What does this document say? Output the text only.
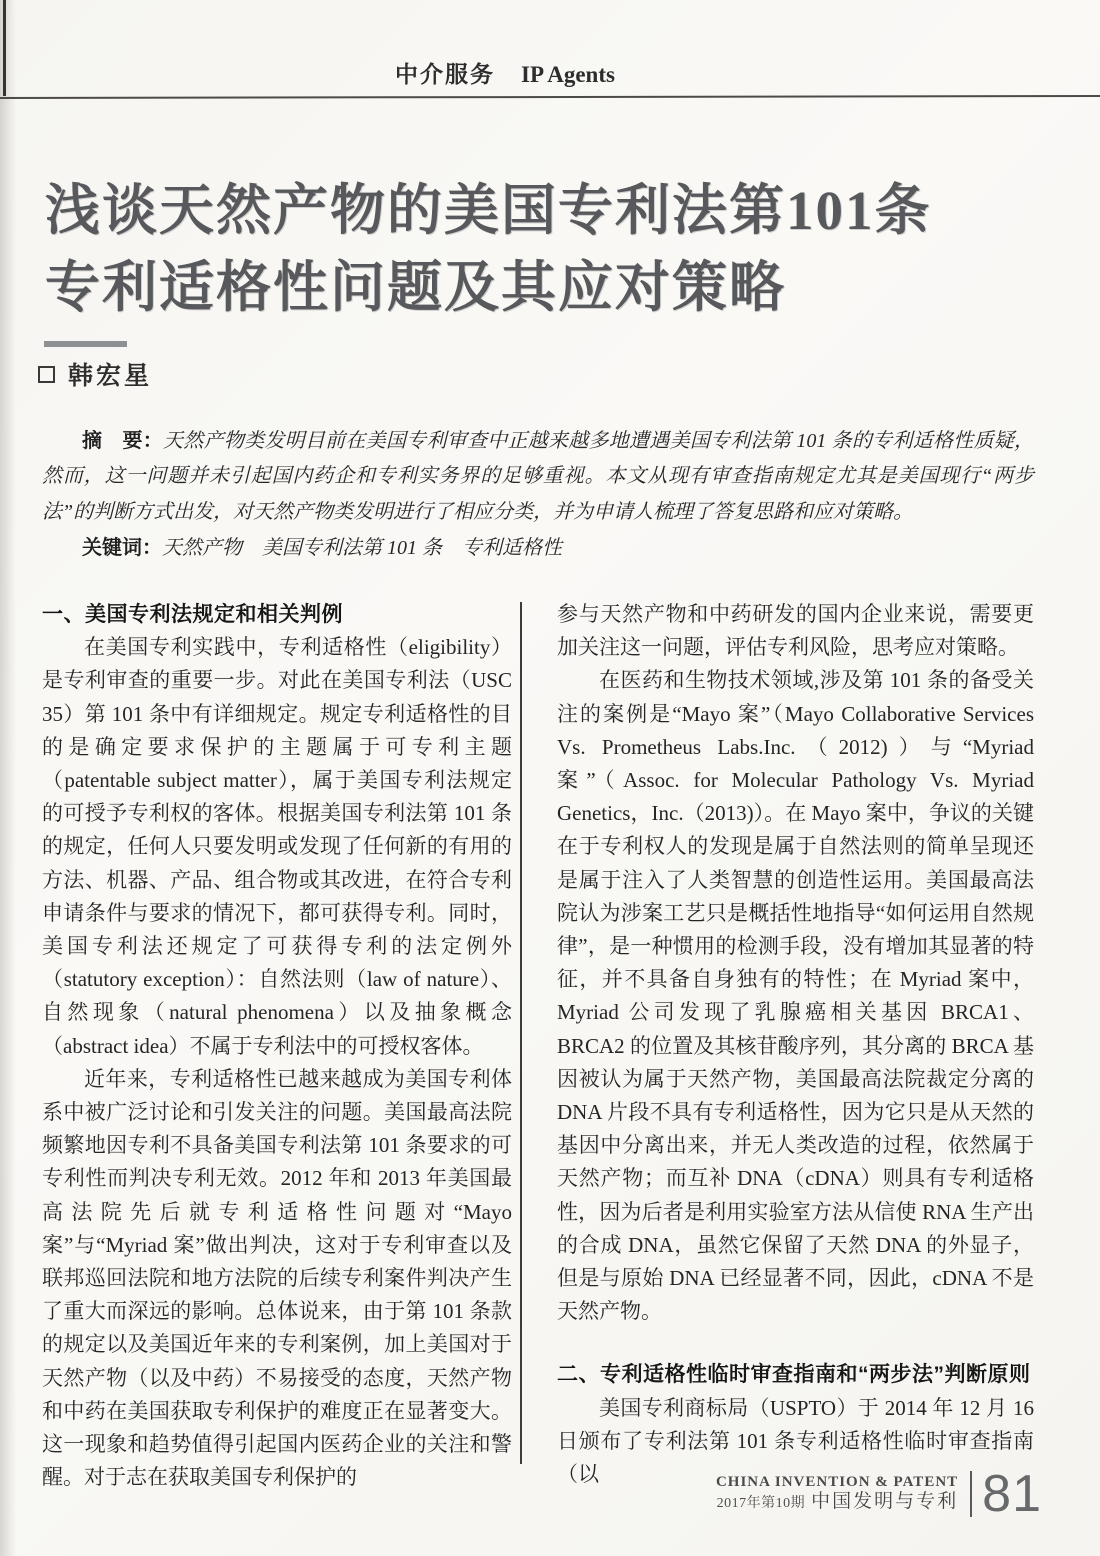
中介服务 IP Agents
浅谈天然产物的美国专利法第101条
专利适格性问题及其应对策略
韩宏星

摘　要：天然产物类发明目前在美国专利审查中正越来越多地遭遇美国专利法第 101 条的专利适格性质疑，然而，这一问题并未引起国内药企和专利实务界的足够重视。本文从现有审查指南规定尤其是美国现行“两步法”的判断方式出发，对天然产物类发明进行了相应分类，并为申请人梳理了答复思路和应对策略。

关键词：天然产物　美国专利法第 101 条　专利适格性
一、美国专利法规定和相关判例

在美国专利实践中，专利适格性（eligibility）是专利审查的重要一步。对此在美国专利法（USC 35）第 101 条中有详细规定。规定专利适格性的目的是确定要求保护的主题属于可专利主题（patentable subject matter），属于美国专利法规定的可授予专利权的客体。根据美国专利法第 101 条的规定，任何人只要发明或发现了任何新的有用的方法、机器、产品、组合物或其改进，在符合专利申请条件与要求的情况下，都可获得专利。同时，美国专利法还规定了可获得专利的法定例外（statutory exception）：自然法则（law of nature）、自然现象（natural phenomena）以及抽象概念（abstract idea）不属于专利法中的可授权客体。

近年来，专利适格性已越来越成为美国专利体系中被广泛讨论和引发关注的问题。美国最高法院频繁地因专利不具备美国专利法第 101 条要求的可专利性而判决专利无效。2012 年和 2013 年美国最高法院先后就专利适格性问题对“Mayo 案”与“Myriad 案”做出判决，这对于专利审查以及联邦巡回法院和地方法院的后续专利案件判决产生了重大而深远的影响。总体说来，由于第 101 条款的规定以及美国近年来的专利案例，加上美国对于天然产物（以及中药）不易接受的态度，天然产物和中药在美国获取专利保护的难度正在显著变大。这一现象和趋势值得引起国内医药企业的关注和警醒。对于志在获取美国专利保护的

参与天然产物和中药研发的国内企业来说，需要更加关注这一问题，评估专利风险，思考应对策略。

在医药和生物技术领域,涉及第 101 条的备受关注的案例是“Mayo 案”（Mayo Collaborative Services Vs. Prometheus Labs.Inc.（2012)）与“Myriad 案”（Assoc. for Molecular Pathology Vs. Myriad Genetics，Inc.（2013)）。在 Mayo 案中，争议的关键在于专利权人的发现是属于自然法则的简单呈现还是属于注入了人类智慧的创造性运用。美国最高法院认为涉案工艺只是概括性地指导“如何运用自然规律”，是一种惯用的检测手段，没有增加其显著的特征，并不具备自身独有的特性；在 Myriad 案中，Myriad 公司发现了乳腺癌相关基因 BRCA1、BRCA2 的位置及其核苷酸序列，其分离的 BRCA 基因被认为属于天然产物，美国最高法院裁定分离的 DNA 片段不具有专利适格性，因为它只是从天然的基因中分离出来，并无人类改造的过程，依然属于天然产物；而互补 DNA（cDNA）则具有专利适格性，因为后者是利用实验室方法从信使 RNA 生产出的合成 DNA，虽然它保留了天然 DNA 的外显子，但是与原始 DNA 已经显著不同，因此，cDNA 不是天然产物。

二、专利适格性临时审查指南和“两步法”判断原则

美国专利商标局（USPTO）于 2014 年 12 月 16 日颁布了专利法第 101 条专利适格性临时审查指南（以	CHINA INVENTION & PATENT
2017年第10期 中国发明与专利 81
